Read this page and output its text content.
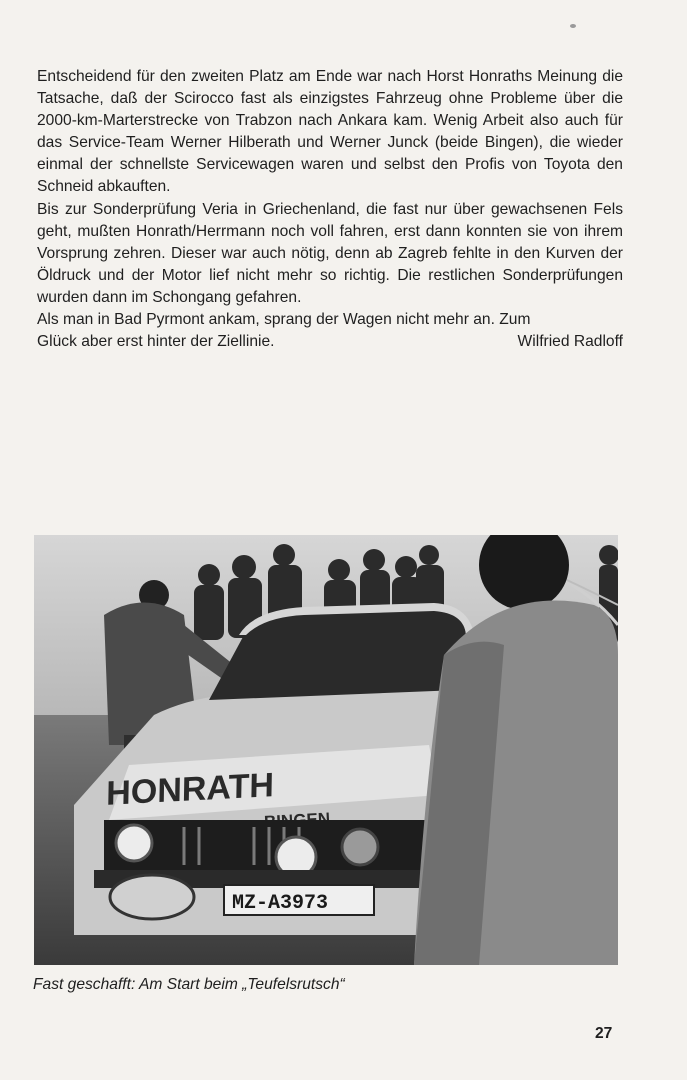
Entscheidend für den zweiten Platz am Ende war nach Horst Honraths Meinung die Tatsache, daß der Scirocco fast als einzigstes Fahrzeug ohne Probleme über die 2000-km-Marterstrecke von Trabzon nach Ankara kam. Wenig Arbeit also auch für das Service-Team Werner Hilberath und Werner Junck (beide Bingen), die wieder einmal der schnellste Servicewagen waren und selbst den Profis von Toyota den Schneid abkauften.

Bis zur Sonderprüfung Veria in Griechenland, die fast nur über gewachsenen Fels geht, mußten Honrath/Herrmann noch voll fahren, erst dann konnten sie von ihrem Vorsprung zehren. Dieser war auch nötig, denn ab Zagreb fehlte in den Kurven der Öldruck und der Motor lief nicht mehr so richtig. Die restlichen Sonderprüfungen wurden dann im Schongang gefahren.

Als man in Bad Pyrmont ankam, sprang der Wagen nicht mehr an. Zum

Glück aber erst hinter der Ziellinie.	Wilfried Radloff
HONRATH
MZ-A3973
Fast geschafft: Am Start beim „Teufelsrutsch“
27
